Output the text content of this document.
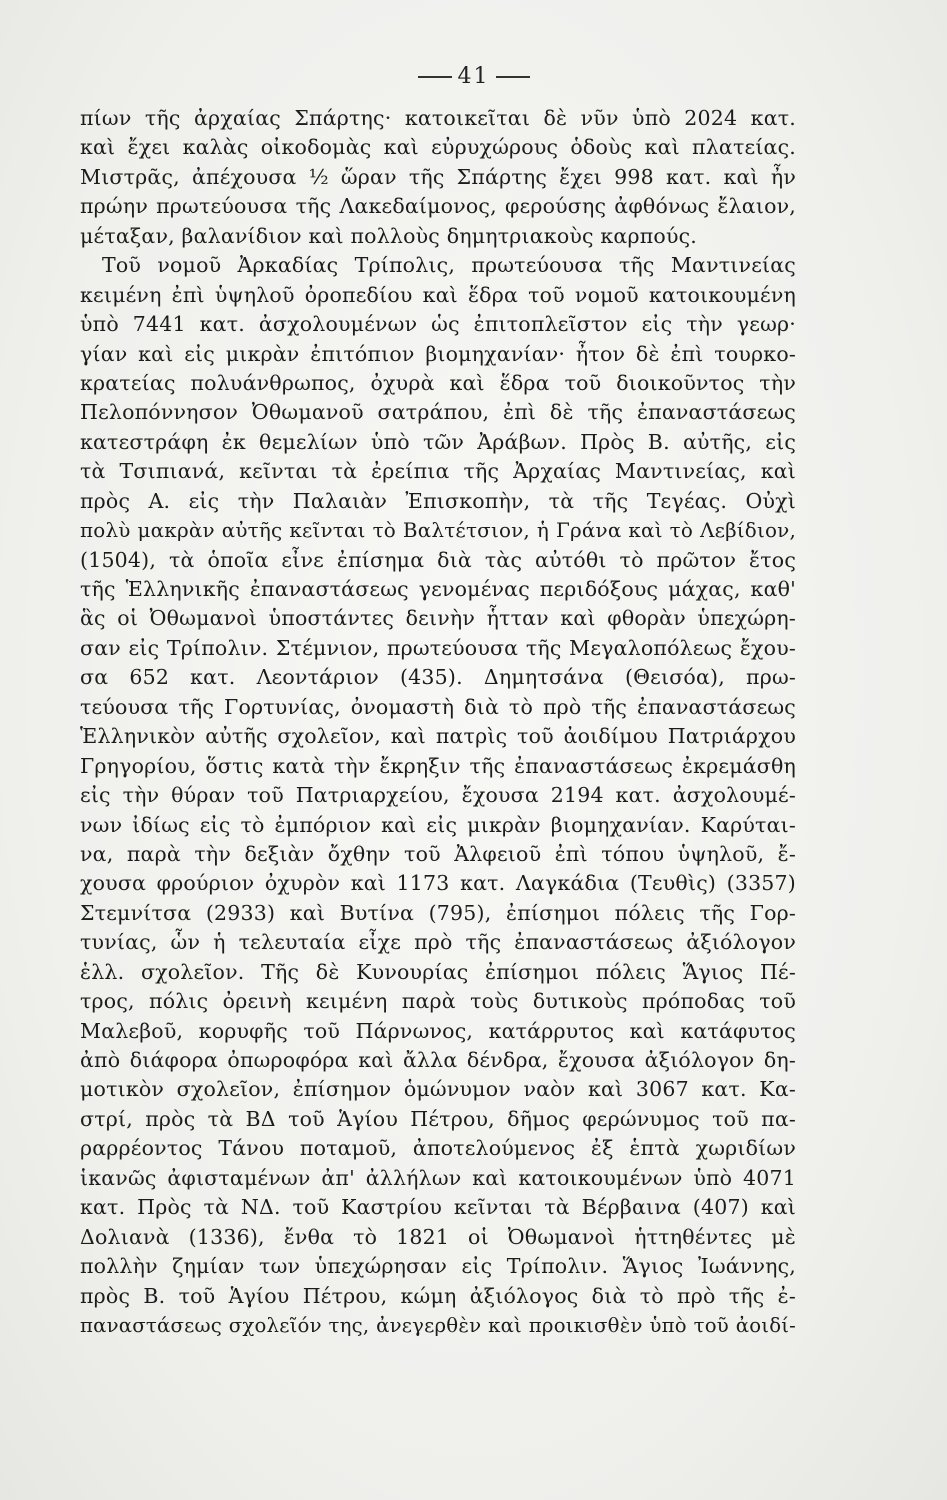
41
πίων τῆς ἀρχαίας Σπάρτης· κατοικεῖται δὲ νῦν ὑπὸ 2024 κατ.
καὶ ἔχει καλὰς οἰκοδομὰς καὶ εὐρυχώρους ὁδοὺς καὶ πλατείας.
Μιστρᾶς, ἀπέχουσα ½ ὥραν τῆς Σπάρτης ἔχει 998 κατ. καὶ ἦν
πρώην πρωτεύουσα τῆς Λακεδαίμονος, φερούσης ἀφθόνως ἔλαιον,
μέταξαν, βαλανίδιον καὶ πολλοὺς δημητριακοὺς καρπούς.
Τοῦ νομοῦ Ἀρκαδίας Τρίπολις, πρωτεύουσα τῆς Μαντινείας
κειμένη ἐπὶ ὑψηλοῦ ὀροπεδίου καὶ ἕδρα τοῦ νομοῦ κατοικουμένη
ὑπὸ 7441 κατ. ἀσχολουμένων ὡς ἐπιτοπλεῖστον εἰς τὴν γεωρ·
γίαν καὶ εἰς μικρὰν ἐπιτόπιον βιομηχανίαν· ἦτον δὲ ἐπὶ τουρκο-
κρατείας πολυάνθρωπος, ὀχυρὰ καὶ ἕδρα τοῦ διοικοῦντος τὴν
Πελοπόννησον Ὀθωμανοῦ σατράπου, ἐπὶ δὲ τῆς ἐπαναστάσεως
κατεστράφη ἐκ θεμελίων ὑπὸ τῶν Ἀράβων. Πρὸς Β. αὐτῆς, εἰς
τὰ Τσιπιανά, κεῖνται τὰ ἐρείπια τῆς Ἀρχαίας Μαντινείας, καὶ
πρὸς Α. εἰς τὴν Παλαιὰν Ἐπισκοπὴν, τὰ τῆς Τεγέας. Οὐχὶ
πολὺ μακρὰν αὐτῆς κεῖνται τὸ Βαλτέτσιον, ἡ Γράνα καὶ τὸ Λεβίδιον,
(1504), τὰ ὁποῖα εἶνε ἐπίσημα διὰ τὰς αὐτόθι τὸ πρῶτον ἔτος
τῆς Ἑλληνικῆς ἐπαναστάσεως γενομένας περιδόξους μάχας, καθ'
ἃς οἱ Ὀθωμανοὶ ὑποστάντες δεινὴν ἧτταν καὶ φθορὰν ὑπεχώρη-
σαν εἰς Τρίπολιν. Στέμνιον, πρωτεύουσα τῆς Μεγαλοπόλεως ἔχου-
σα 652 κατ. Λεοντάριον (435). Δημητσάνα (Θεισόα), πρω-
τεύουσα τῆς Γορτυνίας, ὀνομαστὴ διὰ τὸ πρὸ τῆς ἐπαναστάσεως
Ἑλληνικὸν αὐτῆς σχολεῖον, καὶ πατρὶς τοῦ ἀοιδίμου Πατριάρχου
Γρηγορίου, ὅστις κατὰ τὴν ἔκρηξιν τῆς ἐπαναστάσεως ἐκρεμάσθη
εἰς τὴν θύραν τοῦ Πατριαρχείου, ἔχουσα 2194 κατ. ἀσχολουμέ-
νων ἰδίως εἰς τὸ ἐμπόριον καὶ εἰς μικρὰν βιομηχανίαν. Καρύται-
να, παρὰ τὴν δεξιὰν ὄχθην τοῦ Ἀλφειοῦ ἐπὶ τόπου ὑψηλοῦ, ἔ-
χουσα φρούριον ὀχυρὸν καὶ 1173 κατ. Λαγκάδια (Τευθὶς) (3357)
Στεμνίτσα (2933) καὶ Βυτίνα (795), ἐπίσημοι πόλεις τῆς Γορ-
τυνίας, ὧν ἡ τελευταία εἶχε πρὸ τῆς ἐπαναστάσεως ἀξιόλογον
ἑλλ. σχολεῖον. Τῆς δὲ Κυνουρίας ἐπίσημοι πόλεις Ἅγιος Πέ-
τρος, πόλις ὀρεινὴ κειμένη παρὰ τοὺς δυτικοὺς πρόποδας τοῦ
Μαλεβοῦ, κορυφῆς τοῦ Πάρνωνος, κατάρρυτος καὶ κατάφυτος
ἀπὸ διάφορα ὀπωροφόρα καὶ ἄλλα δένδρα, ἔχουσα ἀξιόλογον δη-
μοτικὸν σχολεῖον, ἐπίσημον ὁμώνυμον ναὸν καὶ 3067 κατ. Κα-
στρί, πρὸς τὰ ΒΔ τοῦ Ἁγίου Πέτρου, δῆμος φερώνυμος τοῦ πα-
ραρρέοντος Τάνου ποταμοῦ, ἀποτελούμενος ἐξ ἑπτὰ χωριδίων
ἱκανῶς ἀφισταμένων ἀπ' ἀλλήλων καὶ κατοικουμένων ὑπὸ 4071
κατ. Πρὸς τὰ ΝΔ. τοῦ Καστρίου κεῖνται τὰ Βέρβαινα (407) καὶ
Δολιανὰ (1336), ἔνθα τὸ 1821 οἱ Ὀθωμανοὶ ἡττηθέντες μὲ
πολλὴν ζημίαν των ὑπεχώρησαν εἰς Τρίπολιν. Ἅγιος Ἰωάννης,
πρὸς Β. τοῦ Ἁγίου Πέτρου, κώμη ἀξιόλογος διὰ τὸ πρὸ τῆς ἐ-
παναστάσεως σχολεῖόν της, ἀνεγερθὲν καὶ προικισθὲν ὑπὸ τοῦ ἀοιδί-
